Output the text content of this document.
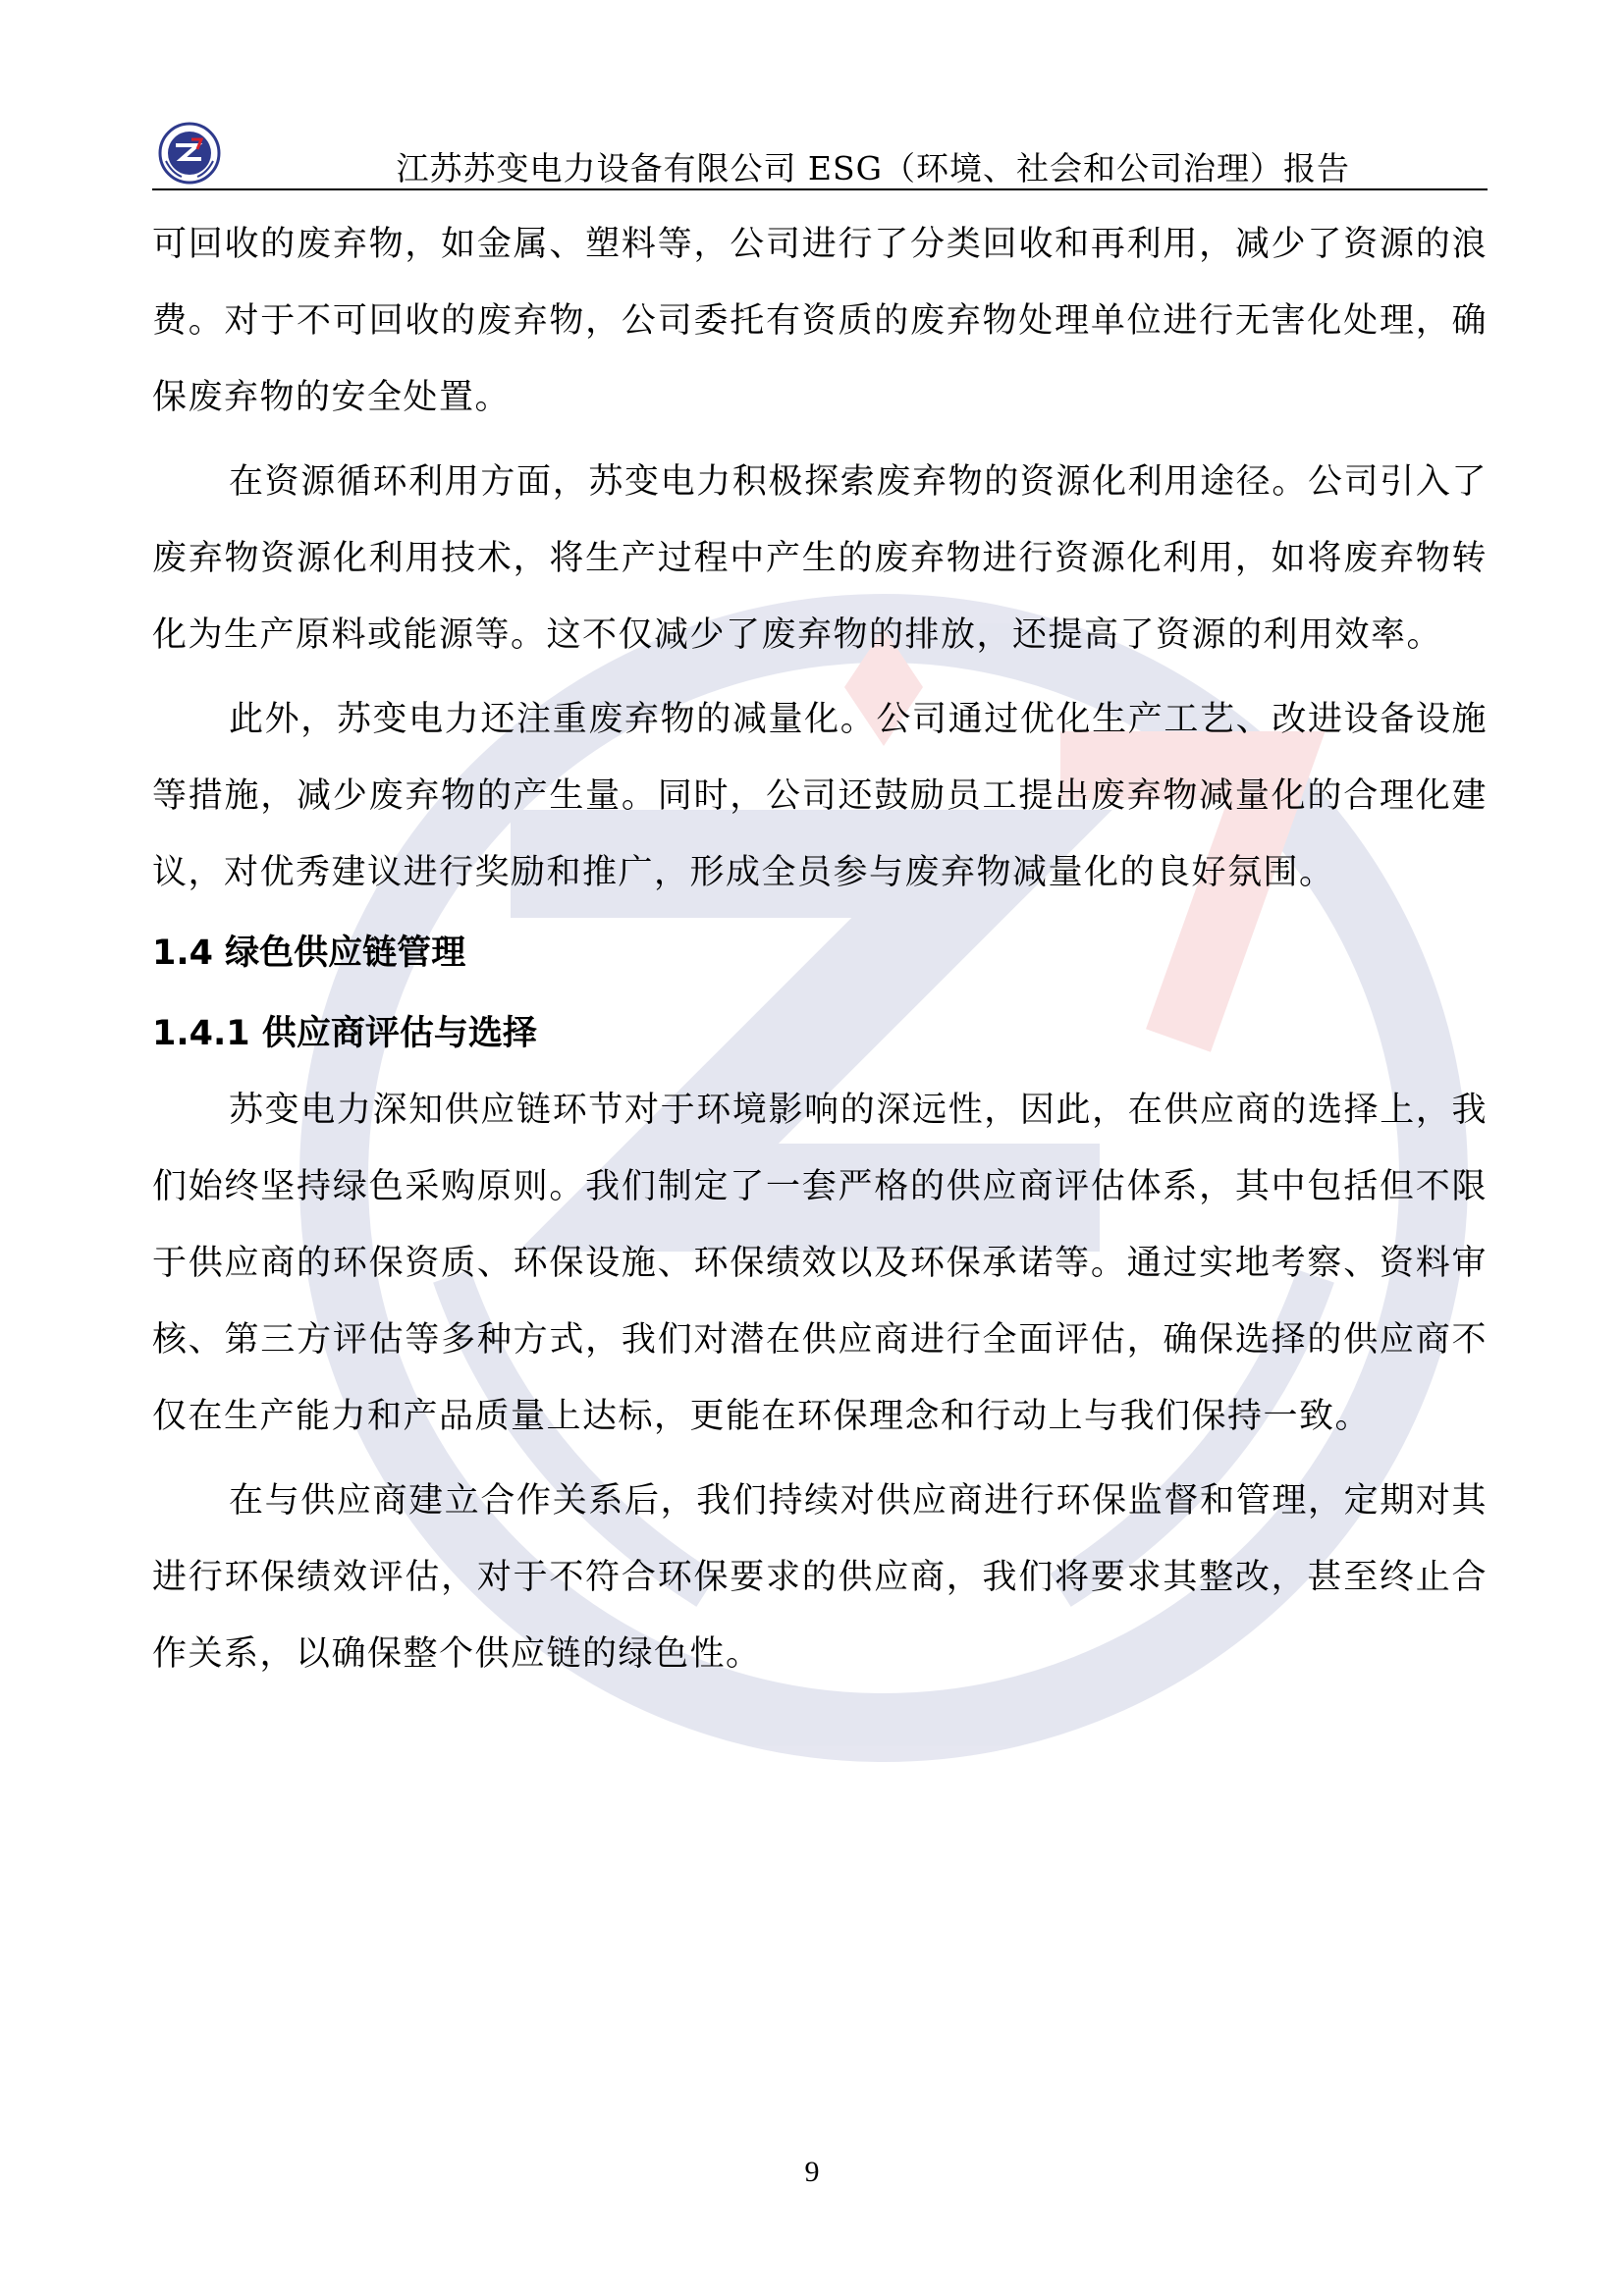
江苏苏变电力设备有限公司 ESG（环境、社会和公司治理）报告

可回收的废弃物，如金属、塑料等，公司进行了分类回收和再利用，减少了资源的浪费。对于不可回收的废弃物，公司委托有资质的废弃物处理单位进行无害化处理，确保废弃物的安全处置。

在资源循环利用方面，苏变电力积极探索废弃物的资源化利用途径。公司引入了废弃物资源化利用技术，将生产过程中产生的废弃物进行资源化利用，如将废弃物转化为生产原料或能源等。这不仅减少了废弃物的排放，还提高了资源的利用效率。

此外，苏变电力还注重废弃物的减量化。公司通过优化生产工艺、改进设备设施等措施，减少废弃物的产生量。同时，公司还鼓励员工提出废弃物减量化的合理化建议，对优秀建议进行奖励和推广，形成全员参与废弃物减量化的良好氛围。

1.4 绿色供应链管理
1.4.1 供应商评估与选择

苏变电力深知供应链环节对于环境影响的深远性，因此，在供应商的选择上，我们始终坚持绿色采购原则。我们制定了一套严格的供应商评估体系，其中包括但不限于供应商的环保资质、环保设施、环保绩效以及环保承诺等。通过实地考察、资料审核、第三方评估等多种方式，我们对潜在供应商进行全面评估，确保选择的供应商不仅在生产能力和产品质量上达标，更能在环保理念和行动上与我们保持一致。

在与供应商建立合作关系后，我们持续对供应商进行环保监督和管理，定期对其进行环保绩效评估，对于不符合环保要求的供应商，我们将要求其整改，甚至终止合作关系，以确保整个供应链的绿色性。

9
